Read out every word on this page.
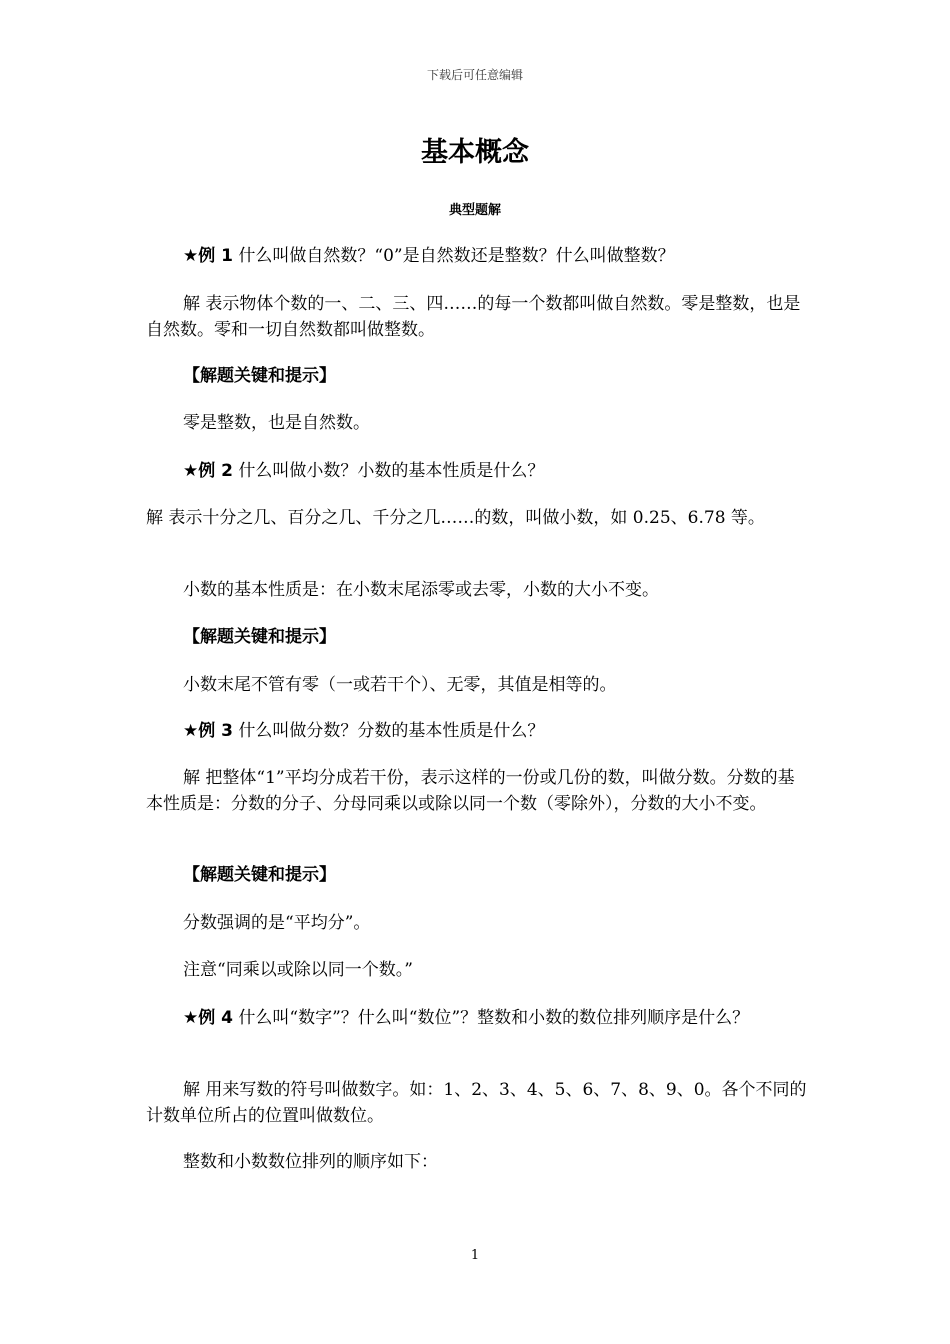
下载后可任意编辑
基本概念
典型题解

★例 1 什么叫做自然数？“0”是自然数还是整数？什么叫做整数？

解 表示物体个数的一、二、三、四……的每一个数都叫做自然数。零是整数，也是自然数。零和一切自然数都叫做整数。

【解题关键和提示】

零是整数，也是自然数。

★例 2 什么叫做小数？小数的基本性质是什么？

解 表示十分之几、百分之几、千分之几……的数，叫做小数，如 0.25、6.78 等。

小数的基本性质是：在小数末尾添零或去零，小数的大小不变。

【解题关键和提示】

小数末尾不管有零（一或若干个）、无零，其值是相等的。

★例 3 什么叫做分数？分数的基本性质是什么？

解 把整体“1”平均分成若干份，表示这样的一份或几份的数，叫做分数。分数的基本性质是：分数的分子、分母同乘以或除以同一个数（零除外），分数的大小不变。

【解题关键和提示】

分数强调的是“平均分”。

注意“同乘以或除以同一个数。”

★例 4 什么叫“数字”？什么叫“数位”？整数和小数的数位排列顺序是什么？

解 用来写数的符号叫做数字。如：1、2、3、4、5、6、7、8、9、0。各个不同的计数单位所占的位置叫做数位。

整数和小数数位排列的顺序如下：

1
